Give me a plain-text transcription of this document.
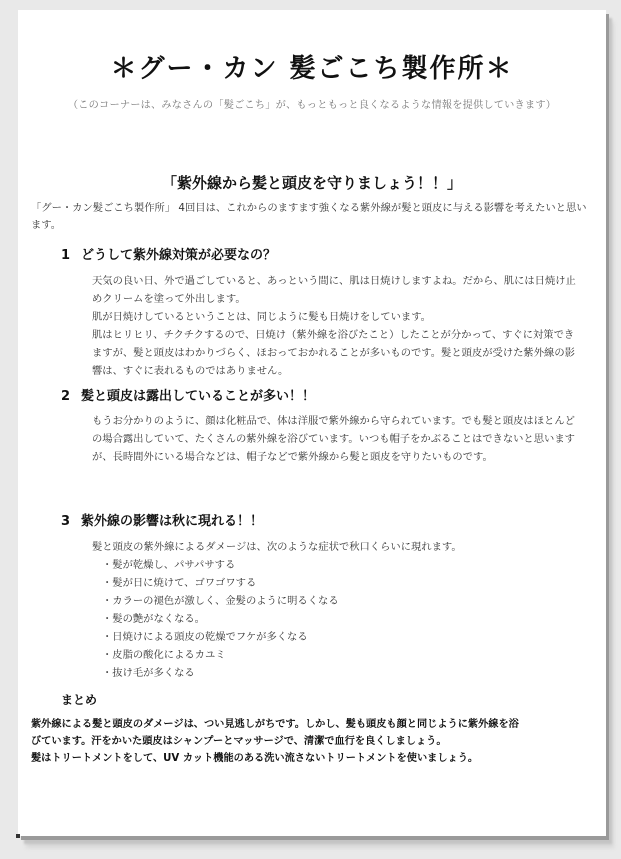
＊グー・カン 髪ごこち製作所＊
（このコーナーは、みなさんの「髪ごこち」が、もっともっと良くなるような情報を提供していきます）
「紫外線から髪と頭皮を守りましょう！！」
「グー・カン髪ごこち製作所」 4回目は、これからのますます強くなる紫外線が髪と頭皮に与える影響を考えたいと思います。
1 どうして紫外線対策が必要なの？

天気の良い日、外で過ごしていると、あっという間に、肌は日焼けしますよね。だから、肌には日焼け止めクリームを塗って外出します。

肌が日焼けしているということは、同じように髪も日焼けをしています。

肌はヒリヒリ、チクチクするので、日焼け（紫外線を浴びたこと）したことが分かって、すぐに対策できますが、髪と頭皮はわかりづらく、ほおっておかれることが多いものです。髪と頭皮が受けた紫外線の影響は、すぐに表れるものではありません。

2 髪と頭皮は露出していることが多い！！

もうお分かりのように、顔は化粧品で、体は洋服で紫外線から守られています。でも髪と頭皮はほとんどの場合露出していて、たくさんの紫外線を浴びています。いつも帽子をかぶることはできないと思いますが、長時間外にいる場合などは、帽子などで紫外線から髪と頭皮を守りたいものです。

3 紫外線の影響は秋に現れる！！

髪と頭皮の紫外線によるダメージは、次のような症状で秋口くらいに現れます。

・髪が乾燥し、パサパサする
・髪が日に焼けて、ゴワゴワする
・カラーの褪色が激しく、金髪のように明るくなる
・髪の艶がなくなる。
・日焼けによる頭皮の乾燥でフケが多くなる
・皮脂の酸化によるカユミ
・抜け毛が多くなる
まとめ

紫外線による髪と頭皮のダメージは、つい見逃しがちです。しかし、髪も頭皮も顔と同じように紫外線を浴

びています。汗をかいた頭皮はシャンプーとマッサージで、清潔で血行を良くしましょう。

髪はトリートメントをして、UV カット機能のある洗い流さないトリートメントを使いましょう。
